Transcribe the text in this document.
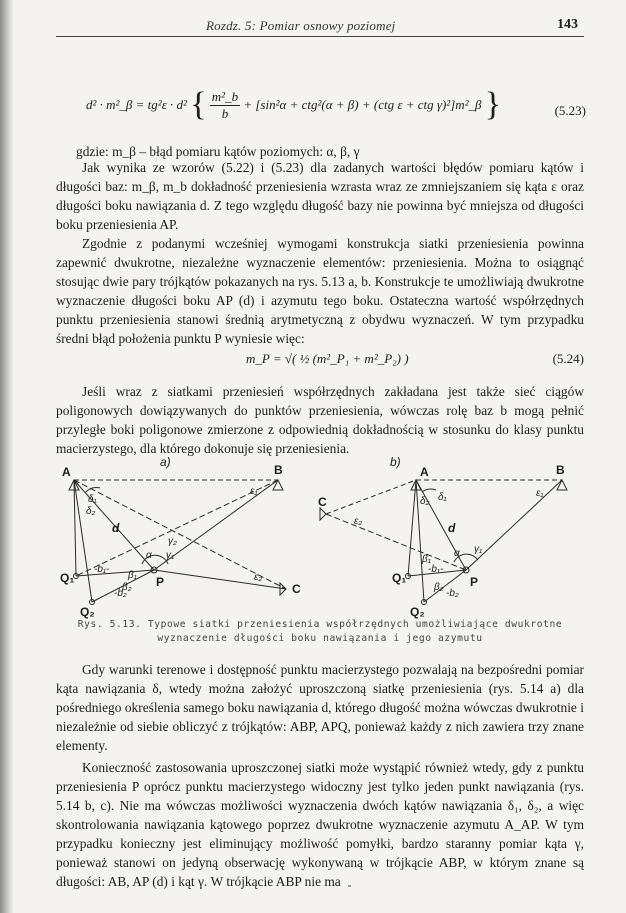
Rozdz. 5: Pomiar osnowy poziomej	143
d² · m²_β = tg²ε · d² { $\frac{\text{m²\_b}}{b} + [\sin^2\alpha + ctg^2(\alpha + \beta) + (ctg$ ε + ctg γ)²]m²_β }	(5.23)
gdzie: m_β – błąd pomiaru kątów poziomych: α, β, γ

Jak wynika ze wzorów (5.22) i (5.23) dla zadanych wartości błędów pomiaru kątów i długości baz: m_β, m_b dokładność przeniesienia wzrasta wraz ze zmniejszaniem się kąta ε oraz długości boku nawiązania d. Z tego względu długość bazy nie powinna być mniejsza od długości boku przeniesienia AP.

Zgodnie z podanymi wcześniej wymogami konstrukcja siatki przeniesienia powinna zapewnić dwukrotne, niezależne wyznaczenie elementów: przeniesienia. Można to osiągnąć stosując dwie pary trójkątów pokazanych na rys. 5.13 a, b. Konstrukcje te umożliwiają dwukrotne wyznaczenie długości boku AP (d) i azymutu tego boku. Ostateczna wartość współrzędnych punktu przeniesienia stanowi średnią arytmetyczną z obydwu wyznaczeń. W tym przypadku średni błąd położenia punktu P wyniesie więc:

m_P = √( ½ (m²_P₁ + m²_P₂) )	(5.24)

Jeśli wraz z siatkami przeniesień współrzędnych zakładana jest także sieć ciągów poligonowych dowiązywanych do punktów przeniesienia, wówczas rolę baz b mogą pełnić przyległe boki poligonowe zmierzone z odpowiednią dokładnością w stosunku do klasy punktu macierzystego, dla którego dokonuje się przeniesienia.

a)
A	B
C
P
Q₁
Q₂
d
δ₁
δ₂
ε₁
ε₂
γ₂
γ₁
α
-b₁-
-b₂
β₁
β₂
b)
A	B
C
P
Q₁
Q₂
d
δ₂ δ₁	ε₁
ε₂
γ₁
α
-b₁-
-b₂
β₁
β₂
Rys. 5.13. Typowe siatki przeniesienia współrzędnych umożliwiające dwukrotne
wyznaczenie długości boku nawiązania i jego azymutu

Gdy warunki terenowe i dostępność punktu macierzystego pozwalają na bezpośredni pomiar kąta nawiązania δ, wtedy można założyć uproszczoną siatkę przeniesienia (rys. 5.14 a) dla pośredniego określenia samego boku nawiązania d, którego długość można wówczas dwukrotnie i niezależnie od siebie obliczyć z trójkątów: ABP, APQ, ponieważ każdy z nich zawiera trzy znane elementy.

Konieczność zastosowania uproszczonej siatki może wystąpić również wtedy, gdy z punktu przeniesienia P oprócz punktu macierzystego widoczny jest tylko jeden punkt nawiązania (rys. 5.14 b, c). Nie ma wówczas możliwości wyznaczenia dwóch kątów nawiązania δ₁, δ₂, a więc skontrolowania nawiązania kątowego poprzez dwukrotne wyznaczenie azymutu A_AP. W tym przypadku konieczny jest eliminujący możliwość pomyłki, bardzo staranny pomiar kąta γ, ponieważ stanowi on jedyną obserwację wykonywaną w trójkącie ABP, w którym znane są długości: AB, AP (d) i kąt γ. W trójkącie ABP nie ma
